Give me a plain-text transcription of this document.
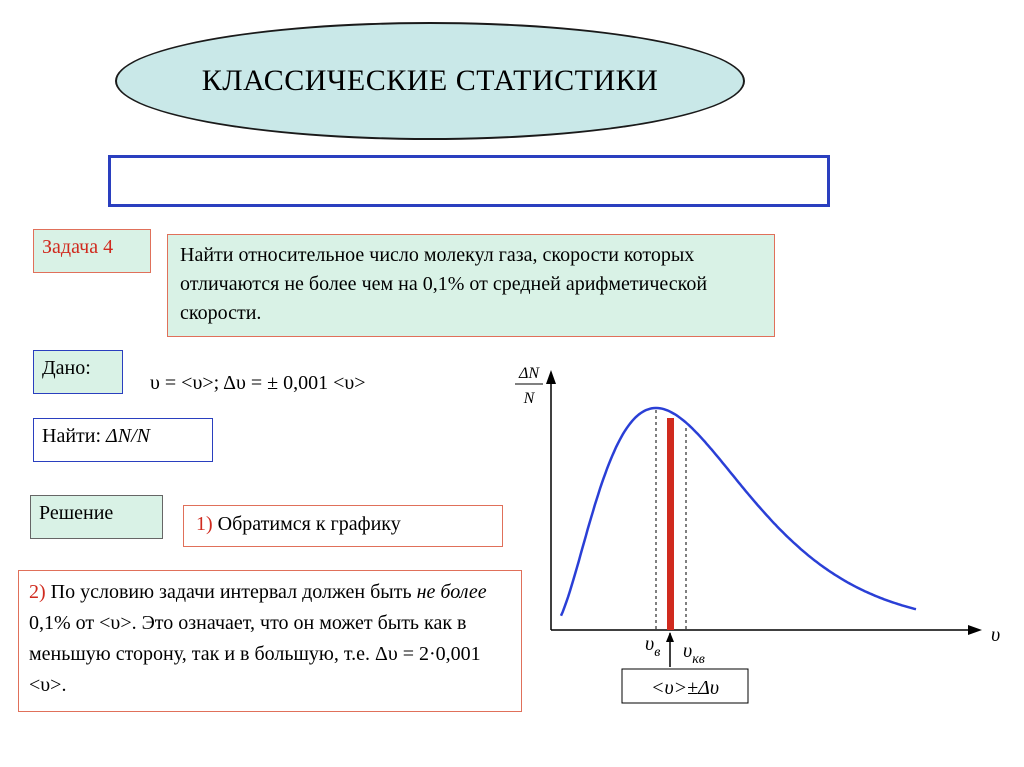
КЛАССИЧЕСКИЕ СТАТИСТИКИ
Задача 4	Найти относительное число молекул газа, скорости которых отличаются не более чем на 0,1% от средней арифметической скорости.
Дано:
υ = <υ>; Δυ = ± 0,001 <υ>
Найти: ΔN/N
Решение	1) Обратимся к графику
2) По условию задачи интервал должен быть не более 0,1% от <υ>. Это означает, что он может быть как в меньшую сторону, так и в большую, т.е. Δυ = 2·0,001 <υ>.
ΔN
N
υ
$\upsilon_в$ $\upsilon_{кв}$
<υ>±Δυ
